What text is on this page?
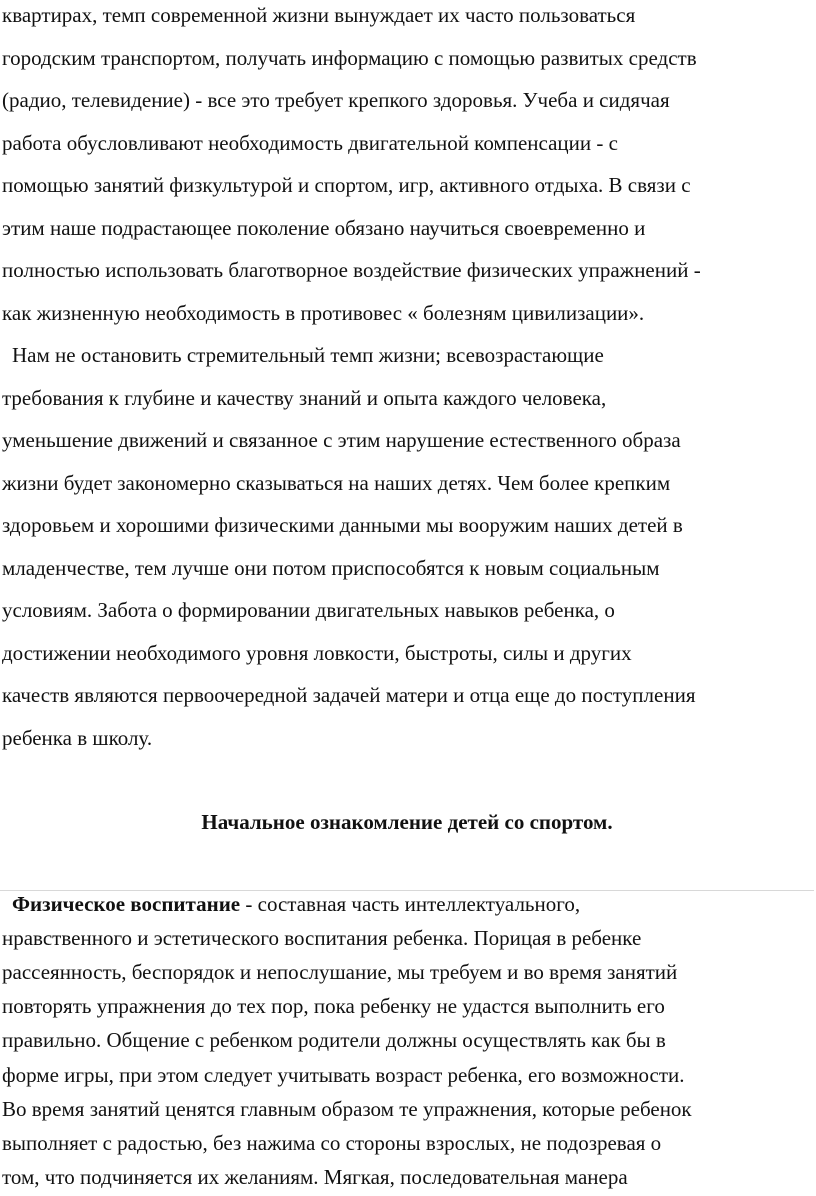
квартирах, темп современной жизни вынуждает их часто пользоваться
городским транспортом, получать информацию с помощью развитых средств
(радио, телевидение) - все это требует крепкого здоровья. Учеба и сидячая
работа обусловливают необходимость двигательной компенсации - с
помощью занятий физкультурой и спортом, игр, активного отдыха. В связи с
этим наше подрастающее поколение обязано научиться своевременно и
полностью использовать благотворное воздействие физических упражнений -
как жизненную необходимость в противовес « болезням цивилизации».
Нам не остановить стремительный темп жизни; всевозрастающие
требования к глубине и качеству знаний и опыта каждого человека,
уменьшение движений и связанное с этим нарушение естественного образа
жизни будет закономерно сказываться на наших детях. Чем более крепким
здоровьем и хорошими физическими данными мы вооружим наших детей в
младенчестве, тем лучше они потом приспособятся к новым социальным
условиям. Забота о формировании двигательных навыков ребенка, о
достижении необходимого уровня ловкости, быстроты, силы и других
качеств являются первоочередной задачей матери и отца еще до поступления
ребенка в школу.
Начальное ознакомление детей со спортом.
Физическое воспитание - составная часть интеллектуального,
нравственного и эстетического воспитания ребенка. Порицая в ребенке
рассеянность, беспорядок и непослушание, мы требуем и во время занятий
повторять упражнения до тех пор, пока ребенку не удастся выполнить его
правильно. Общение с ребенком родители должны осуществлять как бы в
форме игры, при этом следует учитывать возраст ребенка, его возможности.
Во время занятий ценятся главным образом те упражнения, которые ребенок
выполняет с радостью, без нажима со стороны взрослых, не подозревая о
том, что подчиняется их желаниям. Мягкая, последовательная манера
